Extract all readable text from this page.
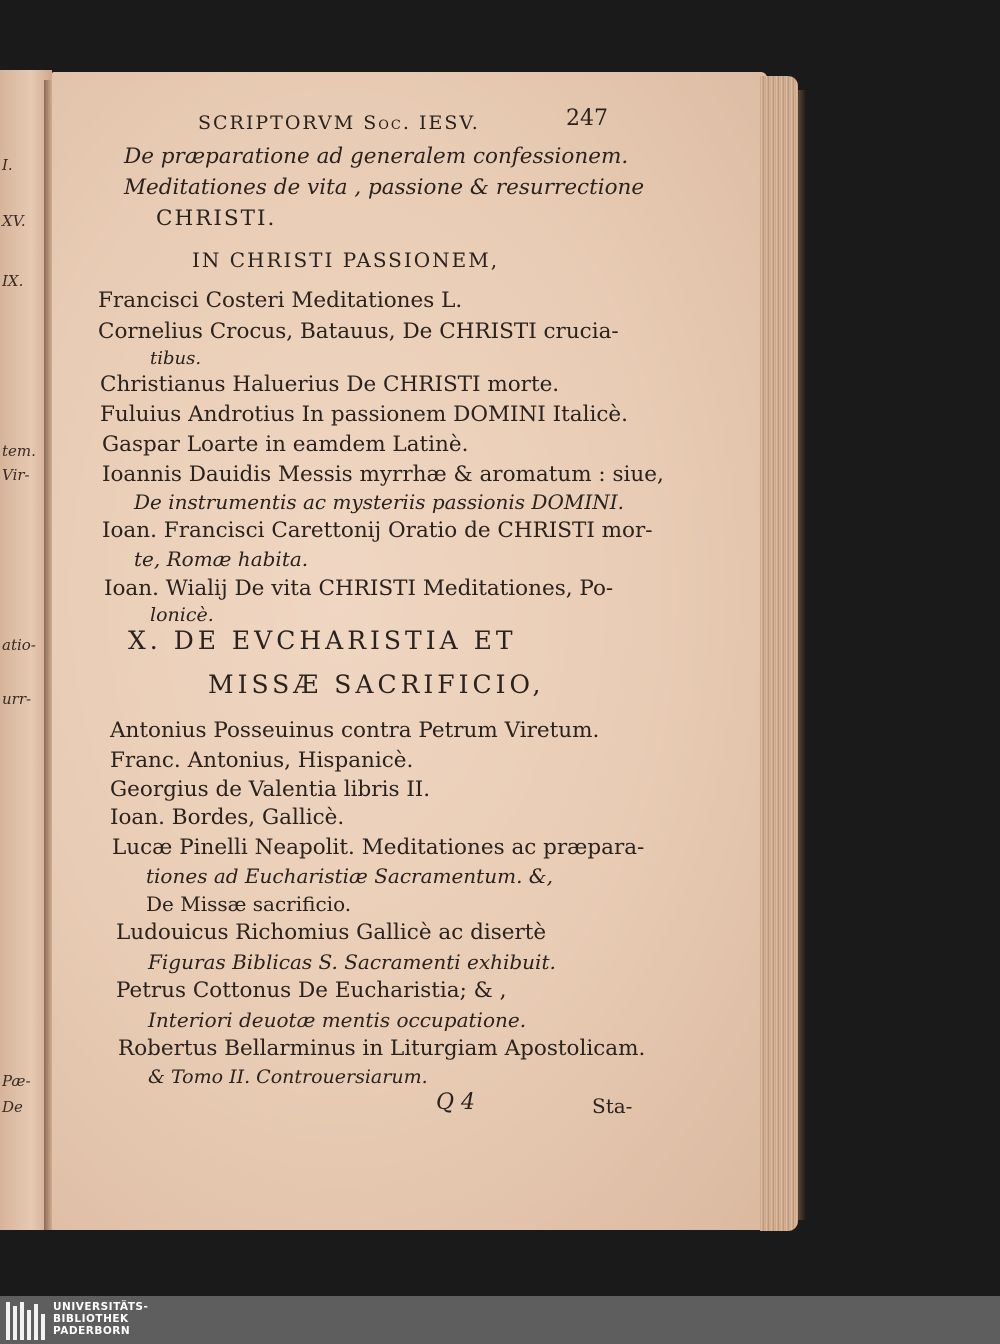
I.
XV.
IX.
tem.
Vir-
atio-
urr-
Pæ-
De
SCRIPTORVM Soc. IESV.	247
De præparatione ad generalem confessionem.
Meditationes de vita , passione & resurrectione
CHRISTI.
IN CHRISTI PASSIONEM,
Francisci Costeri Meditationes L.
Cornelius Crocus, Batauus, De CHRISTI crucia-
tibus.
Christianus Haluerius De CHRISTI morte.
Fuluius Androtius In passionem DOMINI Italicè.
Gaspar Loarte in eamdem Latinè.
Ioannis Dauidis Messis myrrhæ & aromatum : siue,
De instrumentis ac mysteriis passionis DOMINI.
Ioan. Francisci Carettonij Oratio de CHRISTI mor-
te, Romæ habita.
Ioan. Wialij De vita CHRISTI Meditationes, Po-
lonicè.
X. DE EVCHARISTIA ET
MISSÆ SACRIFICIO,
Antonius Posseuinus contra Petrum Viretum.
Franc. Antonius, Hispanicè.
Georgius de Valentia libris II.
Ioan. Bordes, Gallicè.
Lucæ Pinelli Neapolit. Meditationes ac præpara-
tiones ad Eucharistiæ Sacramentum. &,
De Missæ sacrificio.
Ludouicus Richomius Gallicè ac disertè
Figuras Biblicas S. Sacramenti exhibuit.
Petrus Cottonus De Eucharistia; & ,
Interiori deuotæ mentis occupatione.
Robertus Bellarminus in Liturgiam Apostolicam.
& Tomo II. Controuersiarum.
Q 4	Sta-
UNIVERSITÄTS-
BIBLIOTHEK
PADERBORN
